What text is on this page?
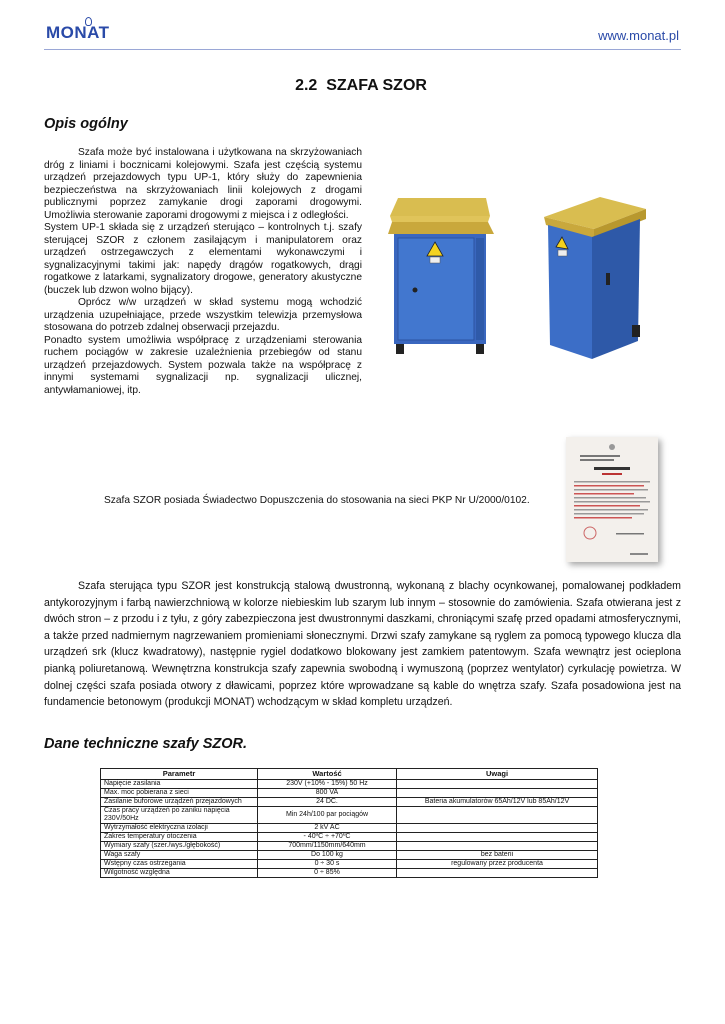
MONAT	www.monat.pl
2.2  SZAFA SZOR
Opis ogólny

Szafa może być instalowana i użytkowana na skrzyżowaniach dróg z liniami i bocznicami kolejowymi. Szafa jest częścią systemu urządzeń przejazdowych typu UP-1, który służy do zapewnienia bezpieczeństwa na skrzyżowaniach linii kolejowych z drogami publicznymi poprzez zamykanie drogi zaporami drogowymi. Umożliwia sterowanie zaporami drogowymi z miejsca i z odległości.

System UP-1 składa się z urządzeń sterująco – kontrolnych t.j. szafy sterującej SZOR z członem zasilającym i manipulatorem oraz urządzeń ostrzegawczych z elementami wykonawczymi i sygnalizacyjnymi takimi jak: napędy drągów rogatkowych, drągi rogatkowe z latarkami, sygnalizatory drogowe, generatory akustyczne (buczek lub dzwon wolno bijący).

Oprócz w/w urządzeń w skład systemu mogą wchodzić urządzenia uzupełniające, przede wszystkim telewizja przemysłowa stosowana do potrzeb zdalnej obserwacji przejazdu.

Ponadto system umożliwia współpracę z urządzeniami sterowania ruchem pociągów w zakresie uzależnienia przebiegów od stanu urządzeń przejazdowych. System pozwala także na współpracę z innymi systemami sygnalizacji np. sygnalizacji ulicznej, antywłamaniowej, itp.

Szafa SZOR posiada Świadectwo Dopuszczenia do stosowania na sieci PKP Nr U/2000/0102.
Szafa sterująca typu SZOR jest konstrukcją stalową dwustronną, wykonaną z blachy ocynkowanej, pomalowanej podkładem antykorozyjnym i farbą nawierzchniową w kolorze niebieskim lub szarym lub innym – stosownie do zamówienia. Szafa otwierana jest z dwóch stron – z przodu i z tyłu, z góry zabezpieczona jest dwustronnymi daszkami, chroniącymi szafę przed opadami atmosferycznymi, a także przed nadmiernym nagrzewaniem promieniami słonecznymi. Drzwi szafy zamykane są ryglem za pomocą typowego klucza dla urządzeń srk (klucz kwadratowy), następnie rygiel dodatkowo blokowany jest zamkiem patentowym. Szafa wewnątrz jest ocieplona pianką poliuretanową. Wewnętrzna konstrukcja szafy zapewnia swobodną i wymuszoną (poprzez wentylator) cyrkulację powietrza. W dolnej części szafa posiada otwory z dławicami, poprzez które wprowadzane są kable do wnętrza szafy. Szafa posadowiona jest na fundamencie betonowym (produkcji MONAT) wchodzącym w skład kompletu urządzeń.
Dane techniczne szafy SZOR.
Parametr	Wartość	Uwagi
Napięcie zasilania	230V (+10% - 15%) 50 Hz	
Max. moc pobierana z sieci	800 VA	
Zasilanie buforowe urządzeń przejazdowych	24 DC.	Bateria akumulatorów 65Ah/12V lub 85Ah/12V
Czas pracy urządzeń po zaniku napięcia 230V/50Hz	Min 24h/100 par pociągów	
Wytrzymałość elektryczna izolacji	2 kV AC	
Zakres temperatury otoczenia	- 40ºC ÷ +70ºC	
Wymiary szafy (szer./wys./głębokość)	700mm/1150mm/640mm	
Waga szafy	Do 100 kg	bez baterii
Wstępny czas ostrzegania	0 ÷ 30 s	regulowany przez producenta
Wilgotność względna	0 ÷ 85%	
